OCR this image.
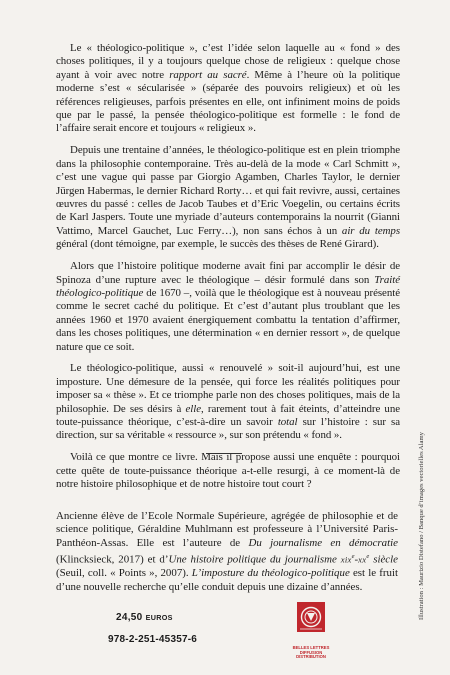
Le « théologico-politique », c’est l’idée selon laquelle au « fond » des choses politiques, il y a toujours quelque chose de religieux : quelque chose ayant à voir avec notre rapport au sacré. Même à l’heure où la politique moderne s’est « sécularisée » (séparée des pouvoirs religieux) et où les références religieuses, parfois présentes en elle, ont infiniment moins de poids que par le passé, la pensée théologico-politique est formelle : le fond de l’affaire serait encore et toujours « religieux ».

Depuis une trentaine d’années, le théologico-politique est en plein triomphe dans la philosophie contemporaine. Très au-delà de la mode « Carl Schmitt », c’est une vague qui passe par Giorgio Agamben, Charles Taylor, le dernier Jürgen Habermas, le dernier Richard Rorty… et qui fait revivre, aussi, certaines œuvres du passé : celles de Jacob Taubes et d’Eric Voegelin, ou certains écrits de Karl Jaspers. Toute une myriade d’auteurs contemporains la nourrit (Gianni Vattimo, Marcel Gauchet, Luc Ferry…), non sans échos à un air du temps général (dont témoigne, par exemple, le succès des thèses de René Girard).

Alors que l’histoire politique moderne avait fini par accomplir le désir de Spinoza d’une rupture avec le théologique – désir formulé dans son Traité théologico-politique de 1670 –, voilà que le théologique est à nouveau présenté comme le secret caché du politique. Et c’est d’autant plus troublant que les années 1960 et 1970 avaient énergiquement combattu la tentation d’affirmer, dans les choses politiques, une détermination « en dernier ressort », de quelque nature que ce soit.

Le théologico-politique, aussi « renouvelé » soit-il aujourd’hui, est une imposture. Une démesure de la pensée, qui force les réalités politiques pour imposer sa « thèse ». Et ce triomphe parle non des choses politiques, mais de la philosophie. De ses désirs à elle, rarement tout à fait éteints, d’atteindre une toute-puissance théorique, c’est-à-dire un savoir total sur l’histoire : sur sa direction, sur sa véritable « ressource », sur son prétendu « fond ».

Voilà ce que montre ce livre. Mais il propose aussi une enquête : pourquoi cette quête de toute-puissance théorique a-t-elle resurgi, à ce moment-là de notre histoire philosophique et de notre histoire tout court ?

Ancienne élève de l’Ecole Normale Supérieure, agrégée de philosophie et de science politique, Géraldine Muhlmann est professeure à l’Université Paris-Panthéon-Assas. Elle est l’auteure de Du journalisme en démocratie (Klincksieck, 2017) et d’Une histoire politique du journalisme $xix^e-xx^e$ siècle (Seuil, coll. « Points », 2007). L’imposture du théologico-politique est le fruit d’une nouvelle recherche qu’elle conduit depuis une dizaine d’années.	Illustration : Maurizio Distefano / Banque d’images vectorielles Alamy
24,50 EUROS
978-2-251-45357-6
BELLES LETTRES
DIFFUSION
DISTRIBUTION
